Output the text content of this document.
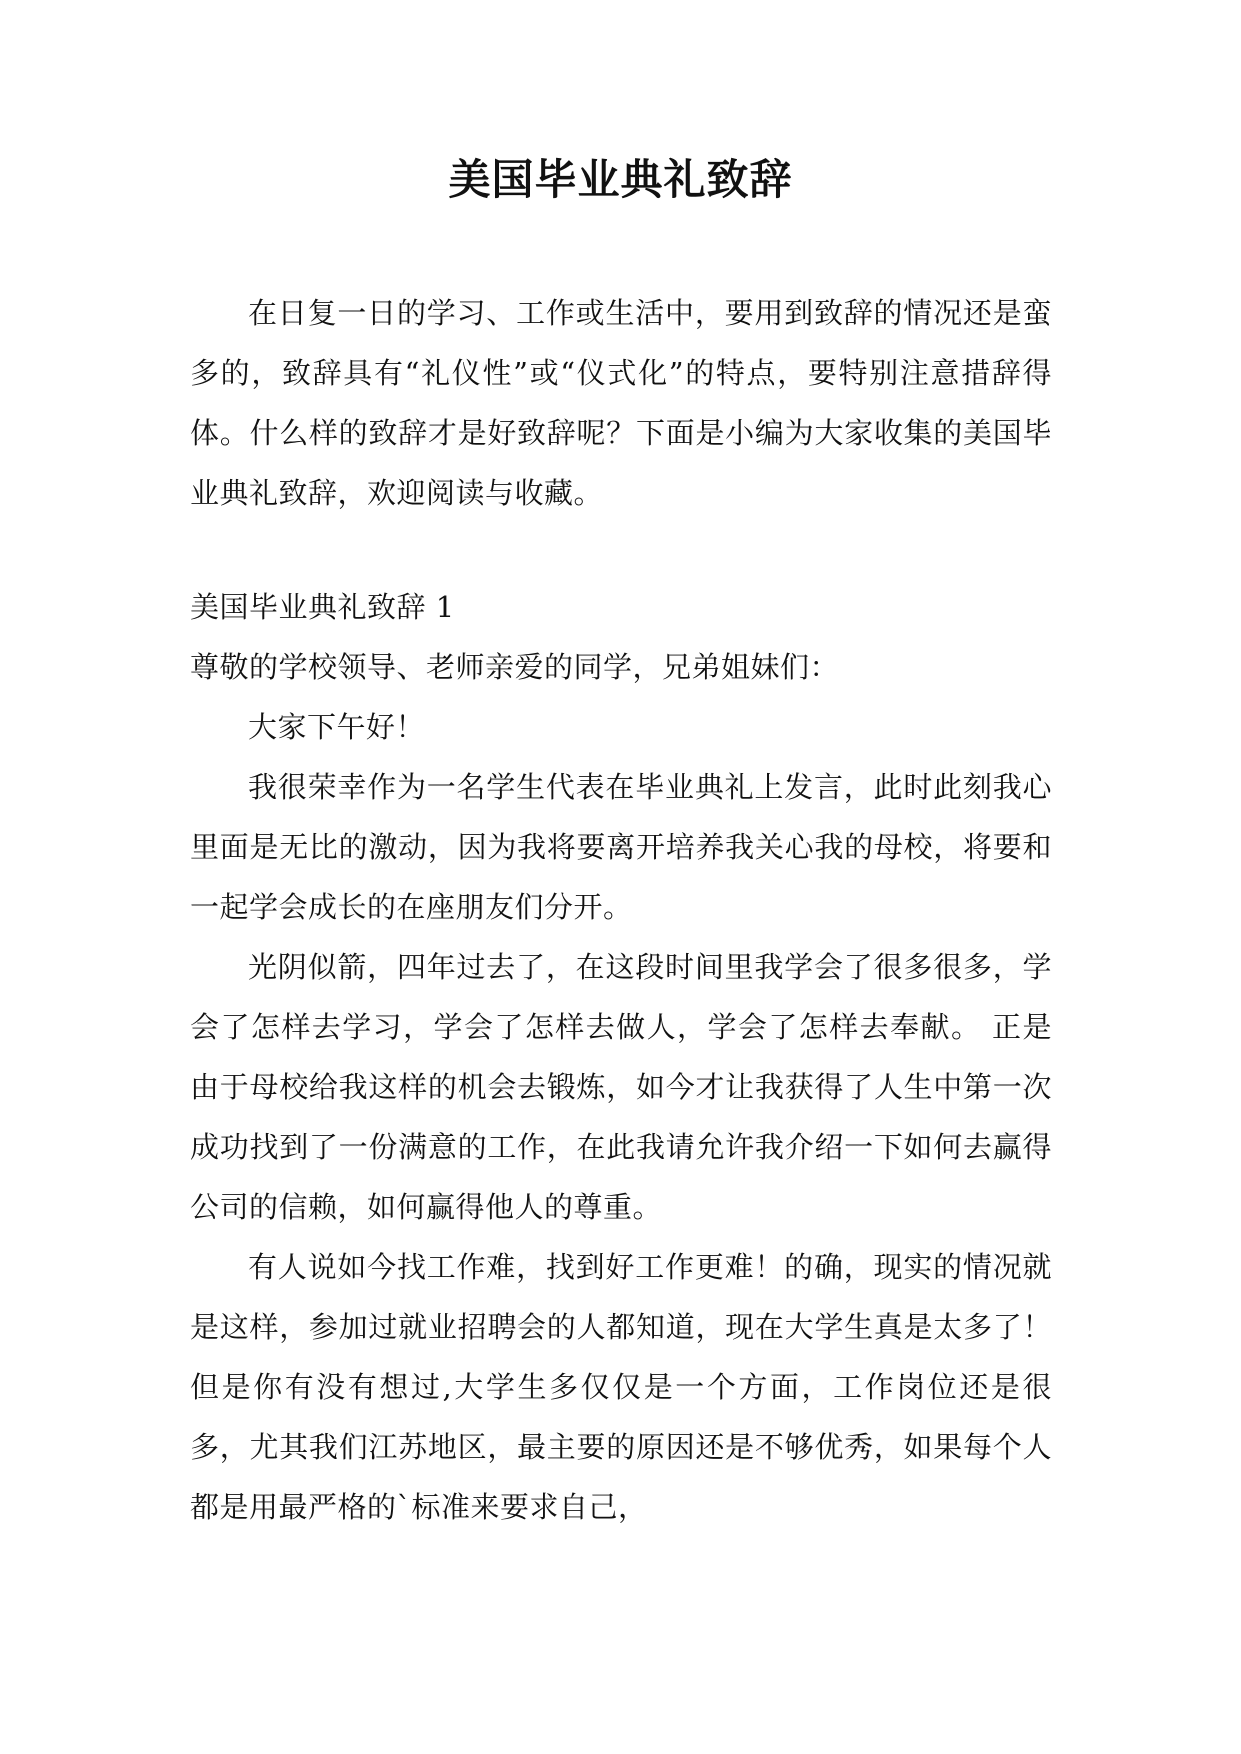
美国毕业典礼致辞

在日复一日的学习、工作或生活中，要用到致辞的情况还是蛮多的，致辞具有“礼仪性”或“仪式化”的特点，要特别注意措辞得体。什么样的致辞才是好致辞呢？下面是小编为大家收集的美国毕业典礼致辞，欢迎阅读与收藏。

美国毕业典礼致辞 1

尊敬的学校领导、老师亲爱的同学，兄弟姐妹们：

大家下午好！

我很荣幸作为一名学生代表在毕业典礼上发言，此时此刻我心里面是无比的激动，因为我将要离开培养我关心我的母校，将要和一起学会成长的在座朋友们分开。

光阴似箭，四年过去了，在这段时间里我学会了很多很多，学会了怎样去学习，学会了怎样去做人，学会了怎样去奉献。 正是由于母校给我这样的机会去锻炼，如今才让我获得了人生中第一次成功找到了一份满意的工作，在此我请允许我介绍一下如何去赢得公司的信赖，如何赢得他人的尊重。

有人说如今找工作难，找到好工作更难！的确，现实的情况就是这样，参加过就业招聘会的人都知道，现在大学生真是太多了！但是你有没有想过,大学生多仅仅是一个方面，工作岗位还是很多，尤其我们江苏地区，最主要的原因还是不够优秀，如果每个人都是用最严格的`标准来要求自己，
